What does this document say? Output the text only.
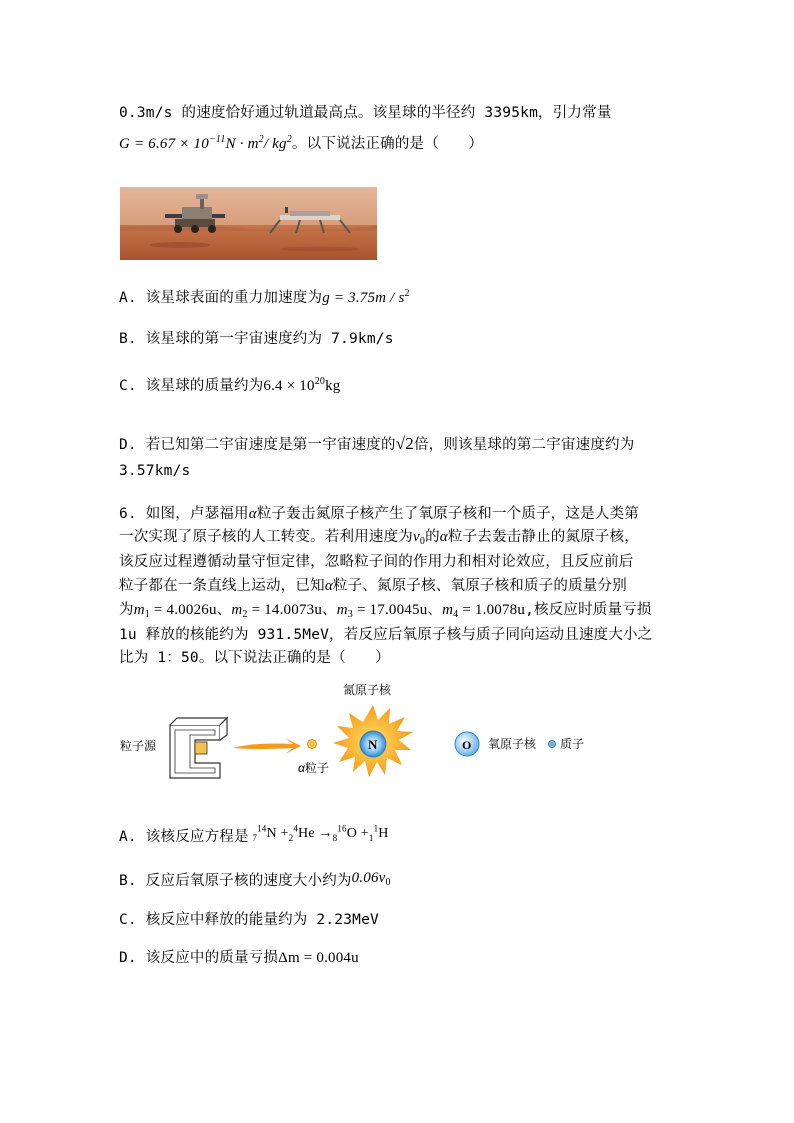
0.3m/s 的速度恰好通过轨道最高点。该星球的半径约 3395km，引力常量
$G = 6.67 \times 10^{-11}N \cdot m^2/$ $kg^2$。以下说法正确的是（　　）
A. 该星球表面的重力加速度为$g = 3.75m / s^2$
B. 该星球的第一宇宙速度约为 7.9km/s
C. 该星球的质量约为$6.4 \times 10^{20}kg$
D. 若已知第二宇宙速度是第一宇宙速度的√2倍，则该星球的第二宇宙速度约为
3.57km/s
6. 如图，卢瑟福用α粒子轰击氮原子核产生了氧原子核和一个质子，这是人类第
一次实现了原子核的人工转变。若利用速度为$v_0$的α粒子去轰击静止的氮原子核，
该反应过程遵循动量守恒定律，忽略粒子间的作用力和相对论效应，且反应前后
粒子都在一条直线上运动，已知α粒子、氮原子核、氧原子核和质子的质量分别
为$m_1 = 4.0026u$、$m_2 = 14.0073u$、$m_3 = 17.0045u$、$m_4 = 1.0078u$,核反应时质量亏损
1u 释放的核能约为 931.5MeV，若反应后氧原子核与质子同向运动且速度大小之
比为 1：50。以下说法正确的是（　　）
粒子源
α粒子
氮原子核
N	O 氧原子核 质子
A. 该核反应方程是 $_7^{14}N +_2^4He \to_8^{16}O +_1^1H$
B. 反应后氧原子核的速度大小约为$0.06v_0$
C. 核反应中释放的能量约为 2.23MeV
D. 该反应中的质量亏损Δm = 0.004u
